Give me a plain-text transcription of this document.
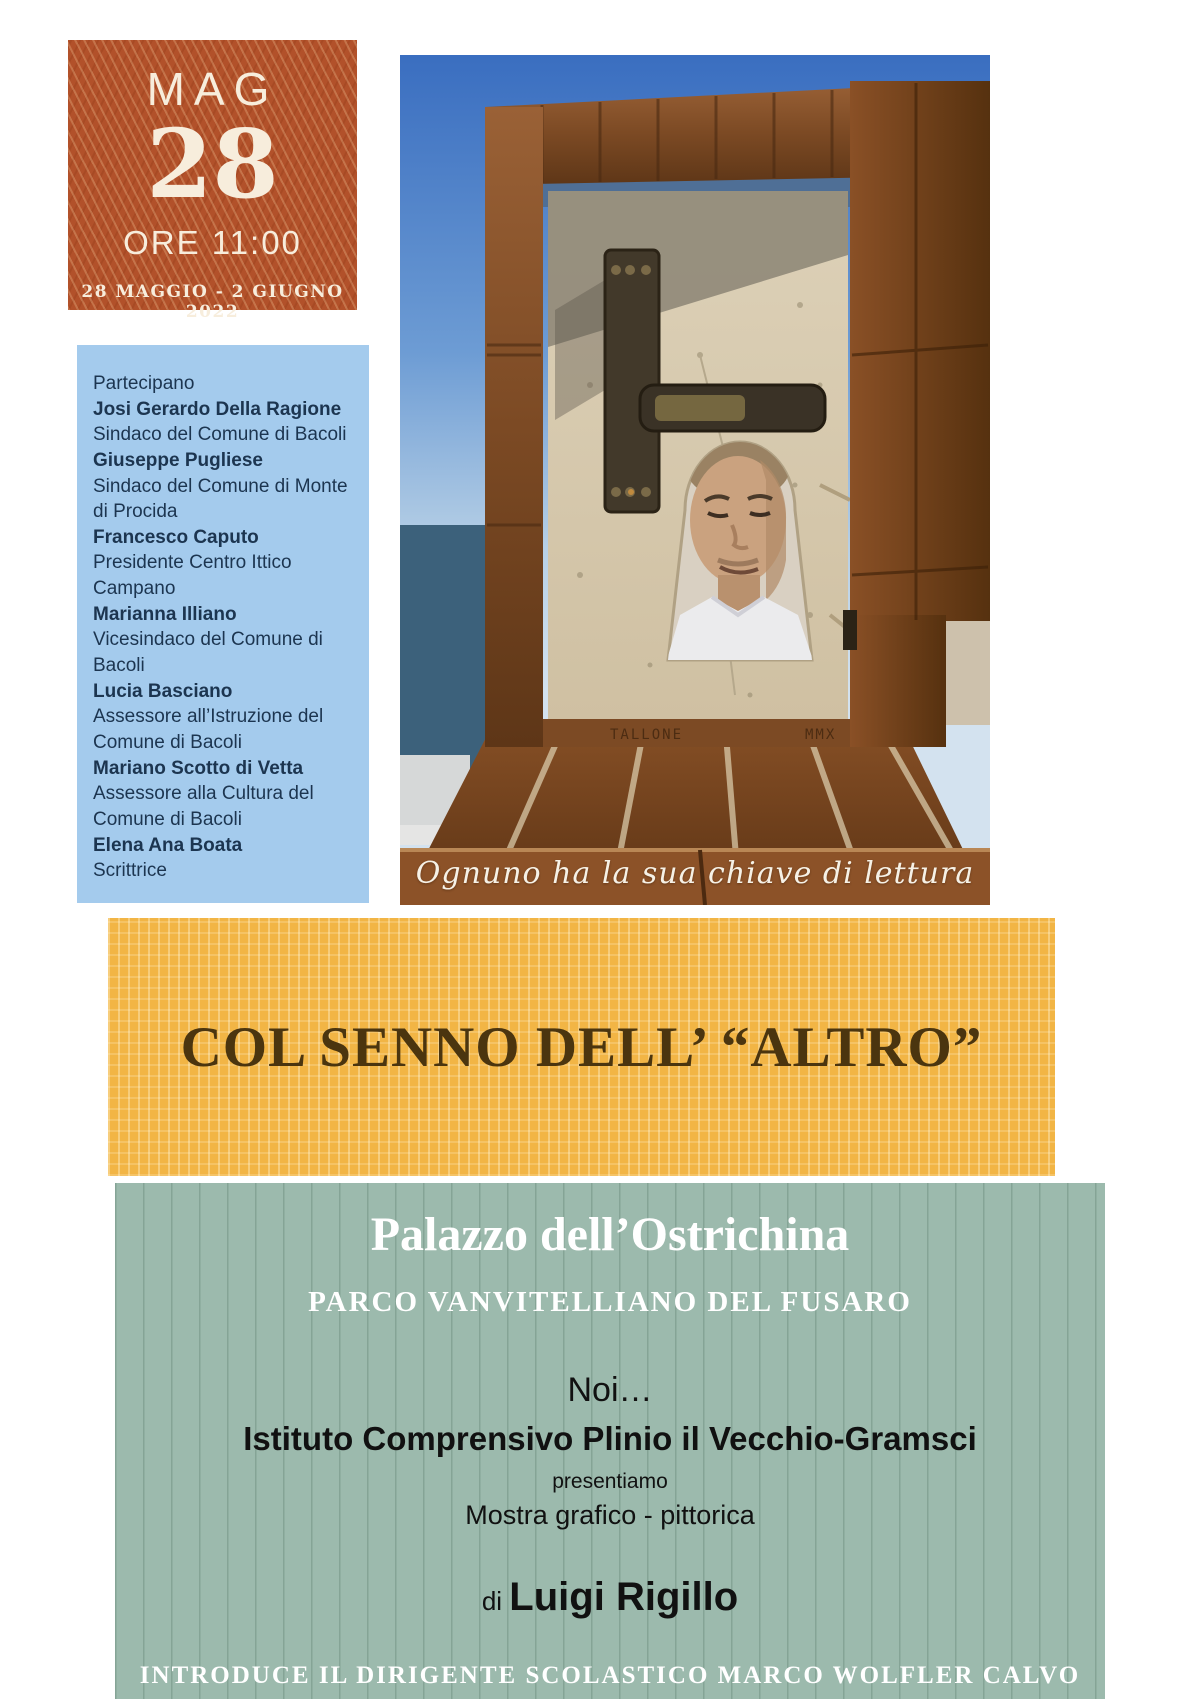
MAG
28
ORE 11:00
28 MAGGIO - 2 GIUGNO 2022
Partecipano
Josi Gerardo Della Ragione
Sindaco del Comune di Bacoli
Giuseppe Pugliese
Sindaco del Comune di Monte di Procida
Francesco Caputo
Presidente Centro Ittico Campano
Marianna Illiano
Vicesindaco del Comune di Bacoli
Lucia Basciano
Assessore all’Istruzione del Comune di Bacoli
Mariano Scotto di Vetta
Assessore alla Cultura del Comune di Bacoli
Elena Ana Boata
Scrittrice
TALLONE	MMX
Ognuno ha la sua chiave di lettura
COL SENNO DELL’ “ALTRO”
Palazzo dell’Ostrichina
PARCO VANVITELLIANO DEL FUSARO
Noi…
Istituto Comprensivo Plinio il Vecchio-Gramsci
presentiamo
Mostra grafico - pittorica
di Luigi Rigillo
INTRODUCE IL DIRIGENTE SCOLASTICO MARCO WOLFLER CALVO
